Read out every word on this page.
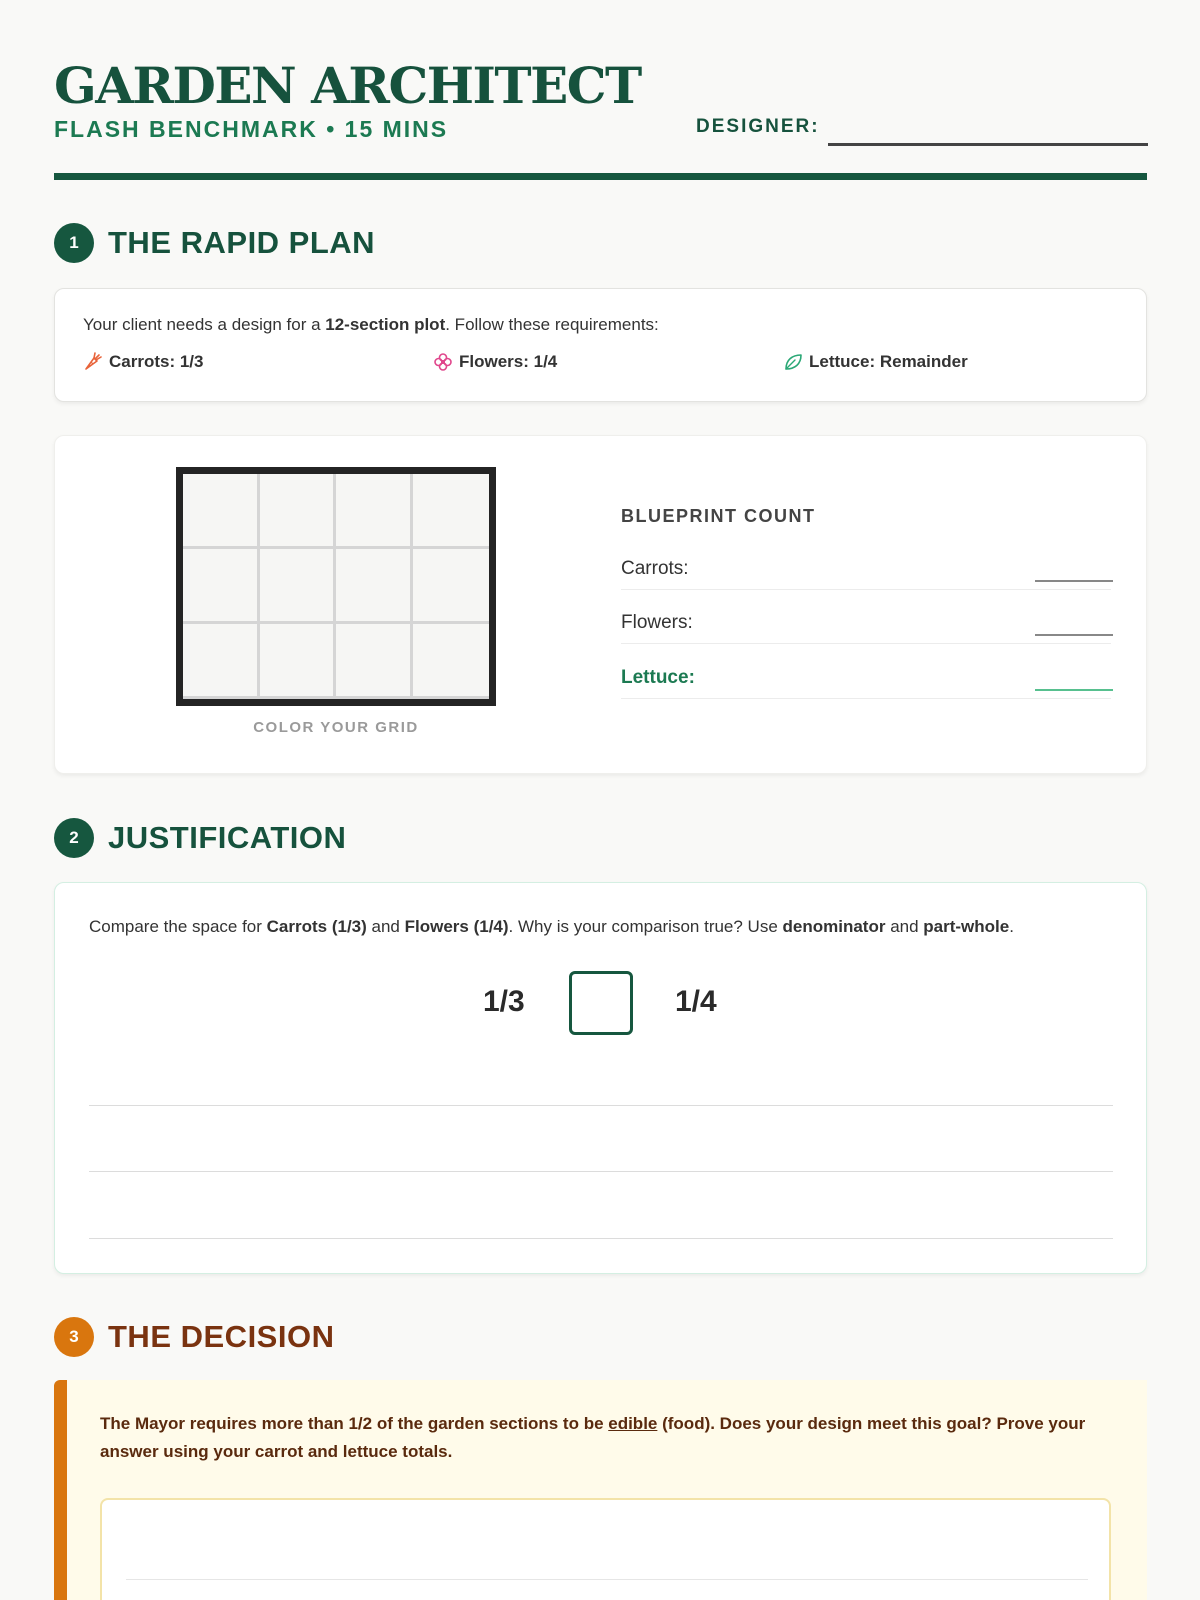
GARDEN ARCHITECT
FLASH BENCHMARK • 15 MINS	DESIGNER:
1 THE RAPID PLAN
Your client needs a design for a 12-section plot. Follow these requirements:
Carrots: 1/3	Flowers: 1/4	Lettuce: Remainder
COLOR YOUR GRID
BLUEPRINT COUNT
Carrots:
Flowers:
Lettuce:
2 JUSTIFICATION
Compare the space for Carrots (1/3) and Flowers (1/4). Why is your comparison true? Use denominator and part-whole.
1/3	1/4
3 THE DECISION
The Mayor requires more than 1/2 of the garden sections to be edible (food). Does your design meet this goal? Prove your answer using your carrot and lettuce totals.
